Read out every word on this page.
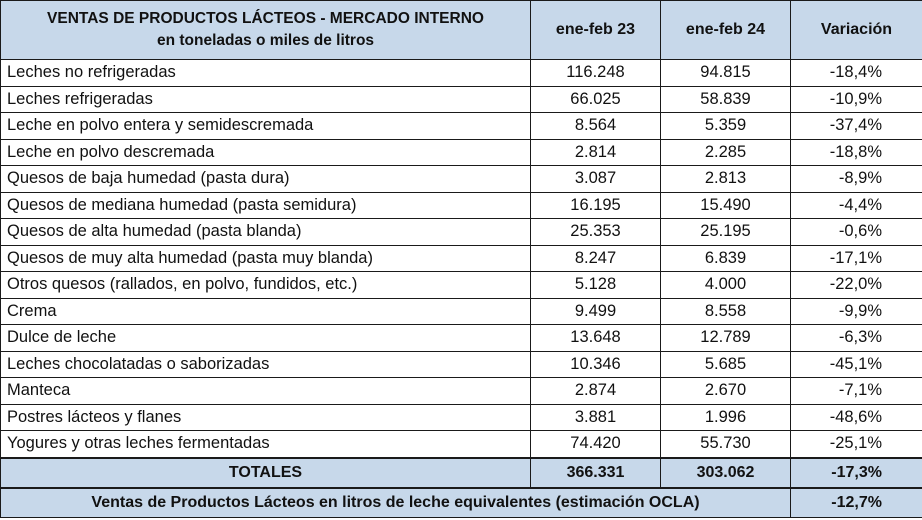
VENTAS DE PRODUCTOS LÁCTEOS - MERCADO INTERNO
en toneladas o miles de litros	ene-feb 23	ene-feb 24	Variación
Leches no refrigeradas	116.248	94.815	-18,4%
Leches refrigeradas	66.025	58.839	-10,9%
Leche en polvo entera y semidescremada	8.564	5.359	-37,4%
Leche en polvo descremada	2.814	2.285	-18,8%
Quesos de baja humedad (pasta dura)	3.087	2.813	-8,9%
Quesos de mediana humedad (pasta semidura)	16.195	15.490	-4,4%
Quesos de alta humedad (pasta blanda)	25.353	25.195	-0,6%
Quesos de muy alta humedad (pasta muy blanda)	8.247	6.839	-17,1%
Otros quesos (rallados, en polvo, fundidos, etc.)	5.128	4.000	-22,0%
Crema	9.499	8.558	-9,9%
Dulce de leche	13.648	12.789	-6,3%
Leches chocolatadas o saborizadas	10.346	5.685	-45,1%
Manteca	2.874	2.670	-7,1%
Postres lácteos y flanes	3.881	1.996	-48,6%
Yogures y otras leches fermentadas	74.420	55.730	-25,1%
TOTALES	366.331	303.062	-17,3%
Ventas de Productos Lácteos en litros de leche equivalentes (estimación OCLA)			-12,7%
